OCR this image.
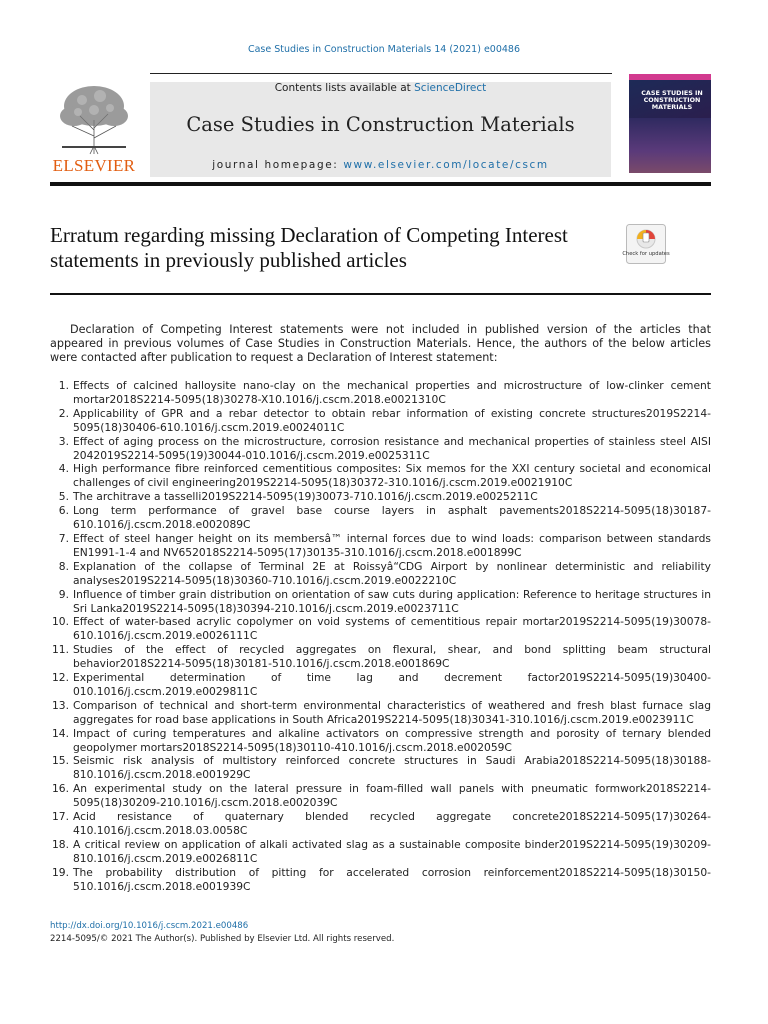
Case Studies in Construction Materials 14 (2021) e00486
ELSEVIER
Contents lists available at ScienceDirect
Case Studies in Construction Materials
journal homepage: www.elsevier.com/locate/cscm
CASE STUDIES IN CONSTRUCTION MATERIALS
Erratum regarding missing Declaration of Competing Interest statements in previously published articles	Check for updates

Declaration of Competing Interest statements were not included in published version of the articles that appeared in previous volumes of Case Studies in Construction Materials. Hence, the authors of the below articles were contacted after publication to request a Declaration of Interest statement:

1. Effects of calcined halloysite nano-clay on the mechanical properties and microstructure of low-clinker cement mortar2018S2214-5095(18)30278-X10.1016/j.cscm.2018.e0021310C
2. Applicability of GPR and a rebar detector to obtain rebar information of existing concrete structures2019S2214-5095(18)30406-610.1016/j.cscm.2019.e0024011C
3. Effect of aging process on the microstructure, corrosion resistance and mechanical properties of stainless steel AISI 2042019S2214-5095(19)30044-010.1016/j.cscm.2019.e0025311C
4. High performance fibre reinforced cementitious composites: Six memos for the XXI century societal and economical challenges of civil engineering2019S2214-5095(18)30372-310.1016/j.cscm.2019.e0021910C
5. The architrave a tasselli2019S2214-5095(19)30073-710.1016/j.cscm.2019.e0025211C
6. Long term performance of gravel base course layers in asphalt pavements2018S2214-5095(18)30187-610.1016/j.cscm.2018.e002089C
7. Effect of steel hanger height on its membersâ™ internal forces due to wind loads: comparison between standards EN1991-1-4 and NV652018S2214-5095(17)30135-310.1016/j.cscm.2018.e001899C
8. Explanation of the collapse of Terminal 2E at Roissyâ“CDG Airport by nonlinear deterministic and reliability analyses2019S2214-5095(18)30360-710.1016/j.cscm.2019.e0022210C
9. Influence of timber grain distribution on orientation of saw cuts during application: Reference to heritage structures in Sri Lanka2019S2214-5095(18)30394-210.1016/j.cscm.2019.e0023711C
10. Effect of water-based acrylic copolymer on void systems of cementitious repair mortar2019S2214-5095(19)30078-610.1016/j.cscm.2019.e0026111C
11. Studies of the effect of recycled aggregates on flexural, shear, and bond splitting beam structural behavior2018S2214-5095(18)30181-510.1016/j.cscm.2018.e001869C
12. Experimental determination of time lag and decrement factor2019S2214-5095(19)30400-010.1016/j.cscm.2019.e0029811C
13. Comparison of technical and short-term environmental characteristics of weathered and fresh blast furnace slag aggregates for road base applications in South Africa2019S2214-5095(18)30341-310.1016/j.cscm.2019.e0023911C
14. Impact of curing temperatures and alkaline activators on compressive strength and porosity of ternary blended geopolymer mortars2018S2214-5095(18)30110-410.1016/j.cscm.2018.e002059C
15. Seismic risk analysis of multistory reinforced concrete structures in Saudi Arabia2018S2214-5095(18)30188-810.1016/j.cscm.2018.e001929C
16. An experimental study on the lateral pressure in foam-filled wall panels with pneumatic formwork2018S2214-5095(18)30209-210.1016/j.cscm.2018.e002039C
17. Acid resistance of quaternary blended recycled aggregate concrete2018S2214-5095(17)30264-410.1016/j.cscm.2018.03.0058C
18. A critical review on application of alkali activated slag as a sustainable composite binder2019S2214-5095(19)30209-810.1016/j.cscm.2019.e0026811C
19. The probability distribution of pitting for accelerated corrosion reinforcement2018S2214-5095(18)30150-510.1016/j.cscm.2018.e001939C
http://dx.doi.org/10.1016/j.cscm.2021.e00486
2214-5095/© 2021 The Author(s). Published by Elsevier Ltd. All rights reserved.
